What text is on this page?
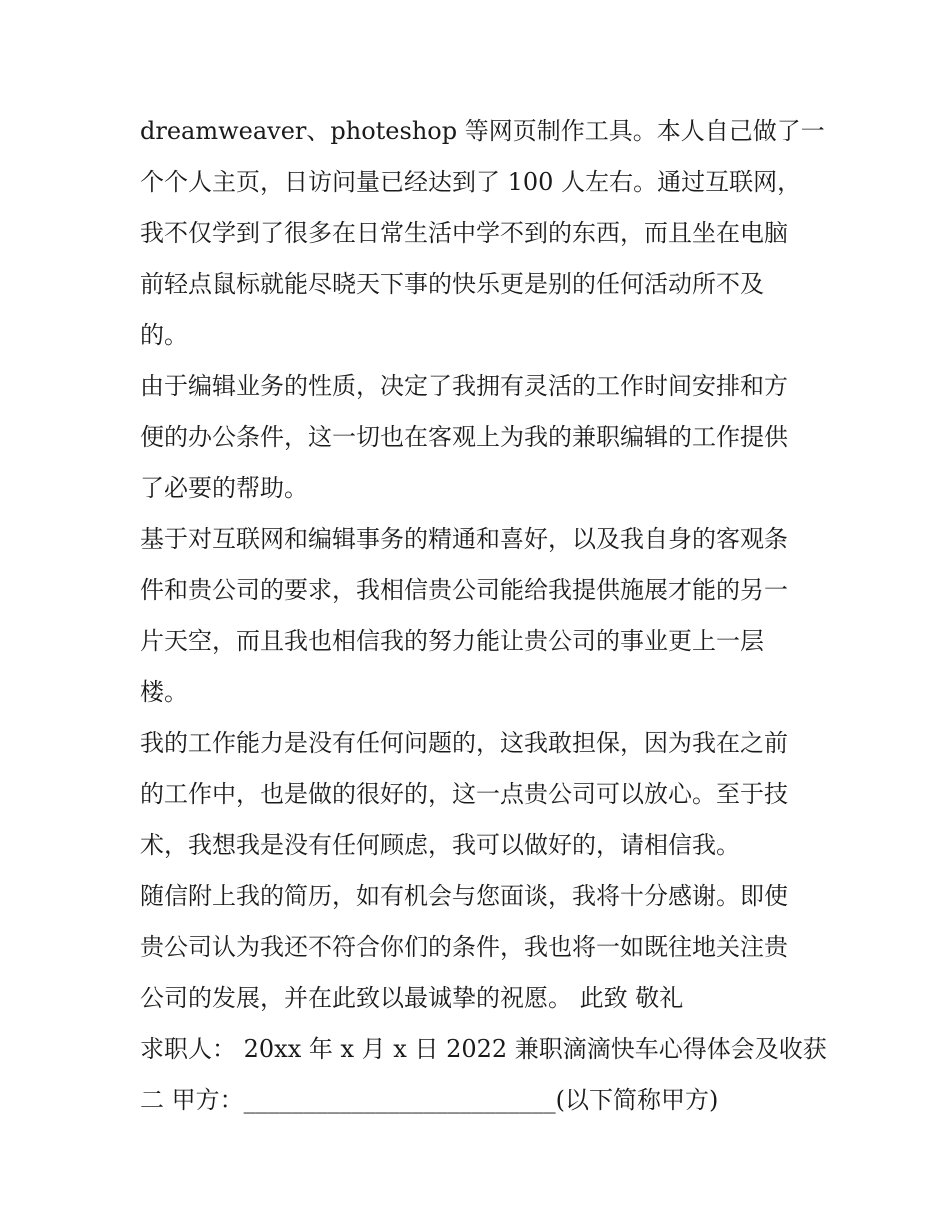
dreamweaver、photeshop 等网页制作工具。本人自己做了一
个个人主页，日访问量已经达到了 100 人左右。通过互联网，
我不仅学到了很多在日常生活中学不到的东西，而且坐在电脑
前轻点鼠标就能尽晓天下事的快乐更是别的任何活动所不及
的。
由于编辑业务的性质，决定了我拥有灵活的工作时间安排和方
便的办公条件，这一切也在客观上为我的兼职编辑的工作提供
了必要的帮助。
基于对互联网和编辑事务的精通和喜好，以及我自身的客观条
件和贵公司的要求，我相信贵公司能给我提供施展才能的另一
片天空，而且我也相信我的努力能让贵公司的事业更上一层
楼。
我的工作能力是没有任何问题的，这我敢担保，因为我在之前
的工作中，也是做的很好的，这一点贵公司可以放心。至于技
术，我想我是没有任何顾虑，我可以做好的，请相信我。
随信附上我的简历，如有机会与您面谈，我将十分感谢。即使
贵公司认为我还不符合你们的条件，我也将一如既往地关注贵
公司的发展，并在此致以最诚挚的祝愿。 此致 敬礼
求职人： 20xx 年 x 月 x 日 2022 兼职滴滴快车心得体会及收获
二 甲方：__________________________(以下简称甲方)
